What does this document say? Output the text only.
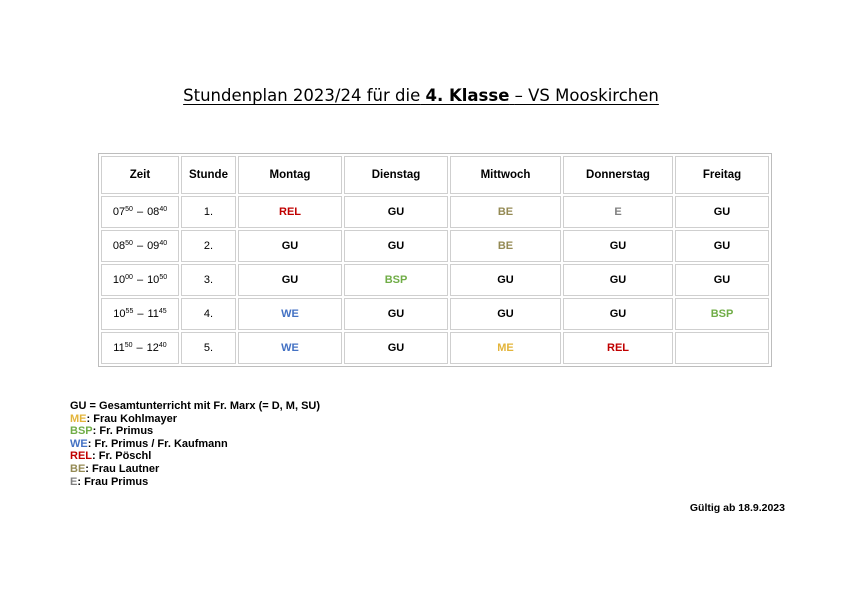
Stundenplan 2023/24 für die 4. Klasse – VS Mooskirchen
Zeit	Stunde	Montag	Dienstag	Mittwoch	Donnerstag	Freitag
$07^{50} - 08^{40}$	1.	REL	GU	BE	E	GU
$08^{50} - 09^{40}$	2.	GU	GU	BE	GU	GU
$10^{00} - 10^{50}$	3.	GU	BSP	GU	GU	GU
$10^{55} - 11^{45}$	4.	WE	GU	GU	GU	BSP
$11^{50} - 12^{40}$	5.	WE	GU	ME	REL	
GU = Gesamtunterricht mit Fr. Marx (= D, M, SU)
ME: Frau Kohlmayer
BSP: Fr. Primus
WE: Fr. Primus / Fr. Kaufmann
REL: Fr. Pöschl
BE: Frau Lautner
E: Frau Primus
Gültig ab 18.9.2023
